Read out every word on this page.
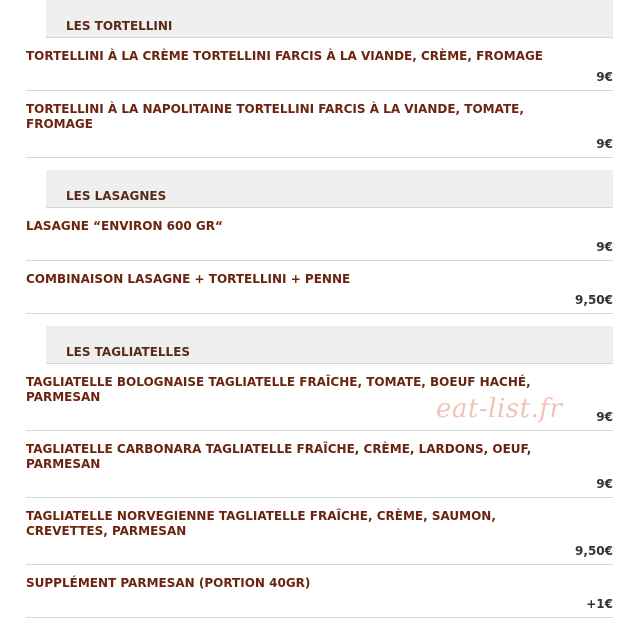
LES TORTELLINI
TORTELLINI À LA CRÈME TORTELLINI FARCIS À LA VIANDE, CRÈME, FROMAGE
9€
TORTELLINI À LA NAPOLITAINE TORTELLINI FARCIS À LA VIANDE, TOMATE, FROMAGE
9€
LES LASAGNES
LASAGNE “ENVIRON 600 GR“
9€
COMBINAISON LASAGNE + TORTELLINI + PENNE
9,50€
LES TAGLIATELLES
TAGLIATELLE BOLOGNAISE TAGLIATELLE FRAÎCHE, TOMATE, BOEUF HACHÉ, PARMESAN
9€
TAGLIATELLE CARBONARA TAGLIATELLE FRAÎCHE, CRÈME, LARDONS, OEUF, PARMESAN
9€
TAGLIATELLE NORVEGIENNE TAGLIATELLE FRAÎCHE, CRÈME, SAUMON, CREVETTES, PARMESAN
9,50€
SUPPLÉMENT PARMESAN (PORTION 40GR)
+1€
eat-list.fr
